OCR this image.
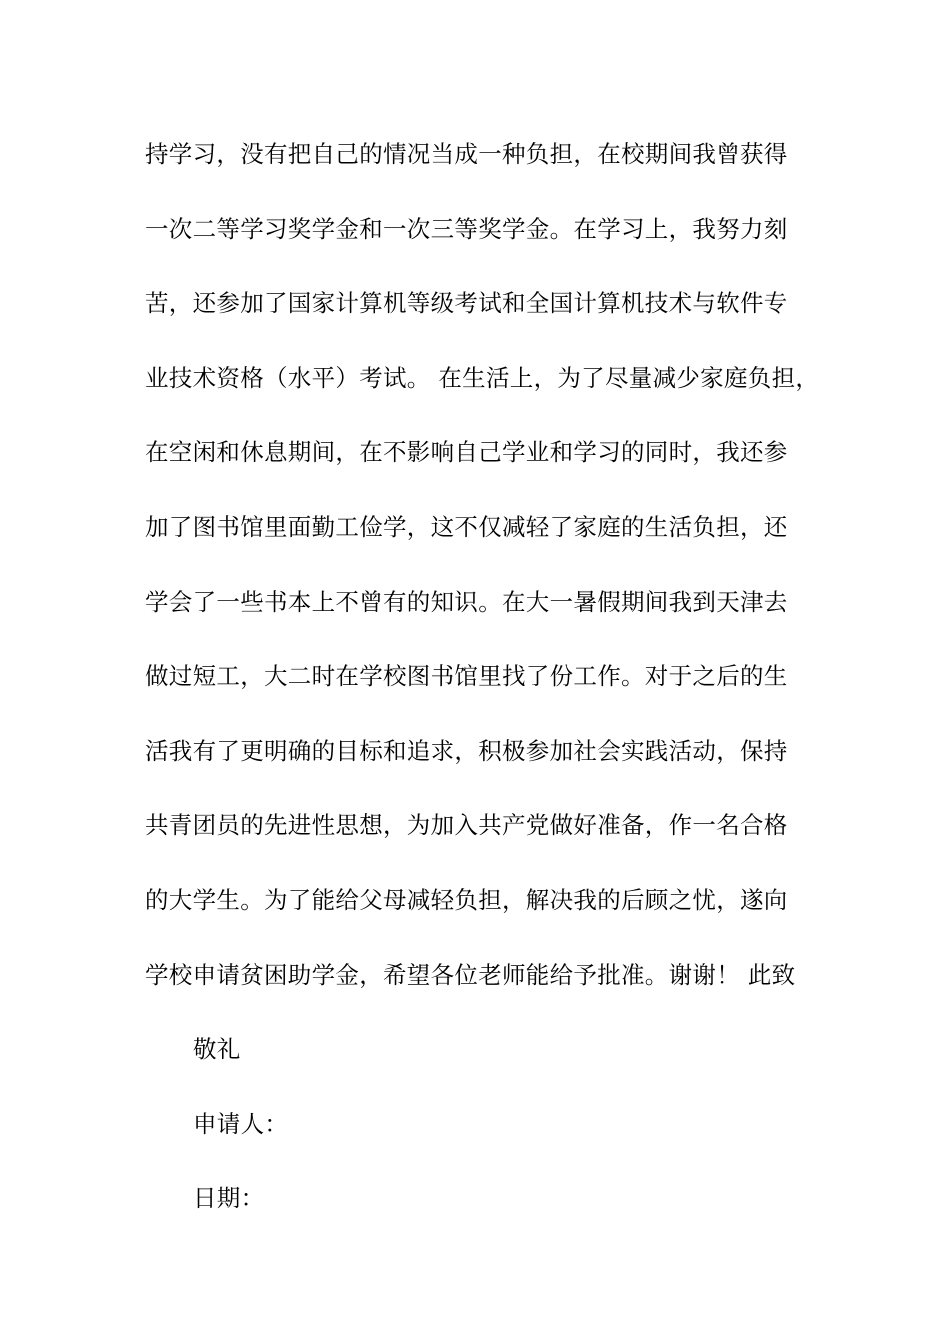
持学习，没有把自己的情况当成一种负担，在校期间我曾获得
一次二等学习奖学金和一次三等奖学金。在学习上，我努力刻
苦，还参加了国家计算机等级考试和全国计算机技术与软件专
业技术资格（水平）考试。 在生活上，为了尽量减少家庭负担，
在空闲和休息期间，在不影响自己学业和学习的同时，我还参
加了图书馆里面勤工俭学，这不仅减轻了家庭的生活负担，还
学会了一些书本上不曾有的知识。在大一暑假期间我到天津去
做过短工，大二时在学校图书馆里找了份工作。对于之后的生
活我有了更明确的目标和追求，积极参加社会实践活动，保持
共青团员的先进性思想，为加入共产党做好准备，作一名合格
的大学生。为了能给父母减轻负担，解决我的后顾之忧，遂向
学校申请贫困助学金，希望各位老师能给予批准。谢谢！ 此致
敬礼
申请人：
日期：
